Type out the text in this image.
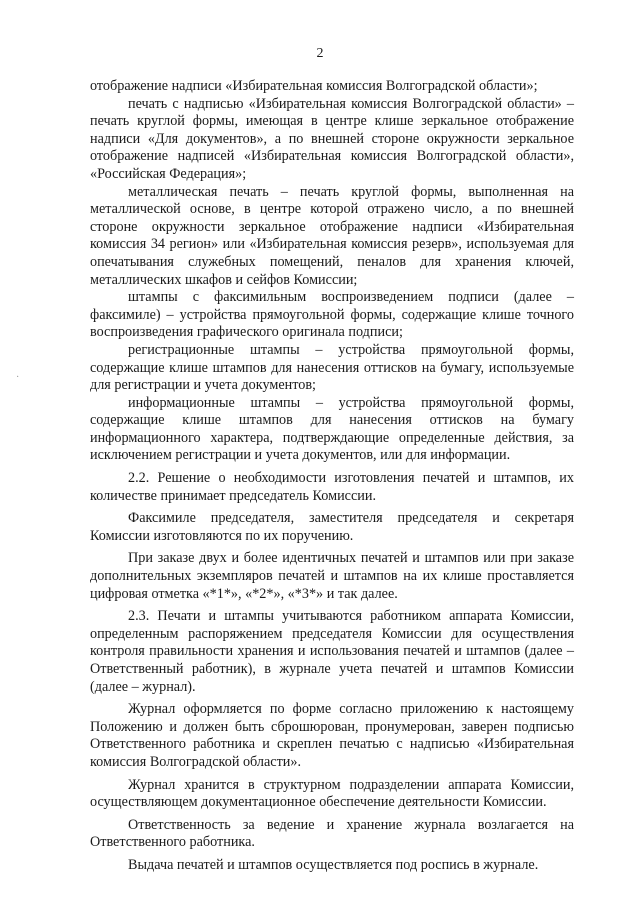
2
·

отображение надписи «Избирательная комиссия Волгоградской области»;

печать с надписью «Избирательная комиссия Волгоградской области» – печать круглой формы, имеющая в центре клише зеркальное отображение надписи «Для документов», а по внешней стороне окружности зеркальное отображение надписей «Избирательная комиссия Волгоградской области», «Российская Федерация»;

металлическая печать – печать круглой формы, выполненная на металлической основе, в центре которой отражено число, а по внешней стороне окружности зеркальное отображение надписи «Избирательная комиссия 34 регион» или «Избирательная комиссия резерв», используемая для опечатывания служебных помещений, пеналов для хранения ключей, металлических шкафов и сейфов Комиссии;

штампы с факсимильным воспроизведением подписи (далее – факсимиле) – устройства прямоугольной формы, содержащие клише точного воспроизведения графического оригинала подписи;

регистрационные штампы – устройства прямоугольной формы, содержащие клише штампов для нанесения оттисков на бумагу, используемые для регистрации и учета документов;

информационные штампы – устройства прямоугольной формы, содержащие клише штампов для нанесения оттисков на бумагу информационного характера, подтверждающие определенные действия, за исключением регистрации и учета документов, или для информации.

2.2. Решение о необходимости изготовления печатей и штампов, их количестве принимает председатель Комиссии.

Факсимиле председателя, заместителя председателя и секретаря Комиссии изготовляются по их поручению.

При заказе двух и более идентичных печатей и штампов или при заказе дополнительных экземпляров печатей и штампов на их клише проставляется цифровая отметка «*1*», «*2*», «*3*» и так далее.

2.3. Печати и штампы учитываются работником аппарата Комиссии, определенным распоряжением председателя Комиссии для осуществления контроля правильности хранения и использования печатей и штампов (далее – Ответственный работник), в журнале учета печатей и штампов Комиссии (далее – журнал).

Журнал оформляется по форме согласно приложению к настоящему Положению и должен быть сброшюрован, пронумерован, заверен подписью Ответственного работника и скреплен печатью с надписью «Избирательная комиссия Волгоградской области».

Журнал хранится в структурном подразделении аппарата Комиссии, осуществляющем документационное обеспечение деятельности Комиссии.

Ответственность за ведение и хранение журнала возлагается на Ответственного работника.

Выдача печатей и штампов осуществляется под роспись в журнале.
